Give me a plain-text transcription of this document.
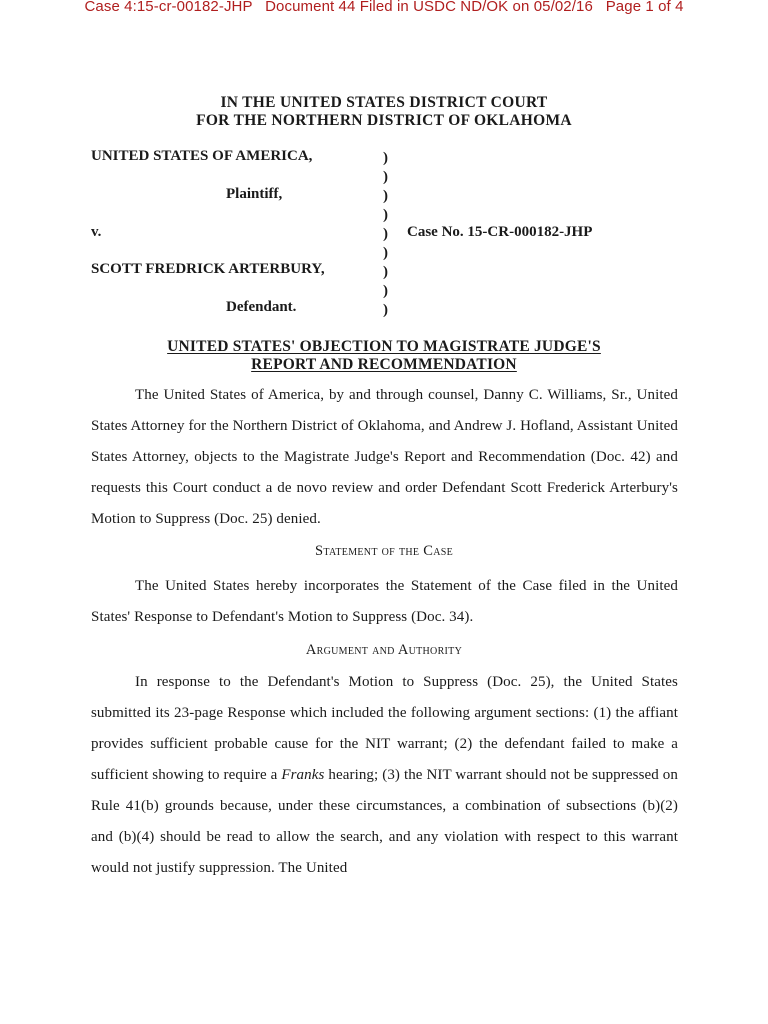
Case 4:15-cr-00182-JHP   Document 44 Filed in USDC ND/OK on 05/02/16   Page 1 of 4
IN THE UNITED STATES DISTRICT COURT
FOR THE NORTHERN DISTRICT OF OKLAHOMA
UNITED STATES OF AMERICA,
Plaintiff,
v.
SCOTT FREDRICK ARTERBURY,
Defendant.
)
)
)
)
)
)
)
)
)
Case No. 15-CR-000182-JHP
UNITED STATES' OBJECTION TO MAGISTRATE JUDGE'S
REPORT AND RECOMMENDATION

The United States of America, by and through counsel, Danny C. Williams, Sr., United States Attorney for the Northern District of Oklahoma, and Andrew J. Hofland, Assistant United States Attorney, objects to the Magistrate Judge's Report and Recommendation (Doc. 42) and requests this Court conduct a de novo review and order Defendant Scott Frederick Arterbury's Motion to Suppress (Doc. 25) denied.

Statement of the Case

The United States hereby incorporates the Statement of the Case filed in the United States' Response to Defendant's Motion to Suppress (Doc. 34).

Argument and Authority

In response to the Defendant's Motion to Suppress (Doc. 25), the United States submitted its 23-page Response which included the following argument sections: (1) the affiant provides sufficient probable cause for the NIT warrant; (2) the defendant failed to make a sufficient showing to require a Franks hearing; (3) the NIT warrant should not be suppressed on Rule 41(b) grounds because, under these circumstances, a combination of subsections (b)(2) and (b)(4) should be read to allow the search, and any violation with respect to this warrant would not justify suppression. The United
